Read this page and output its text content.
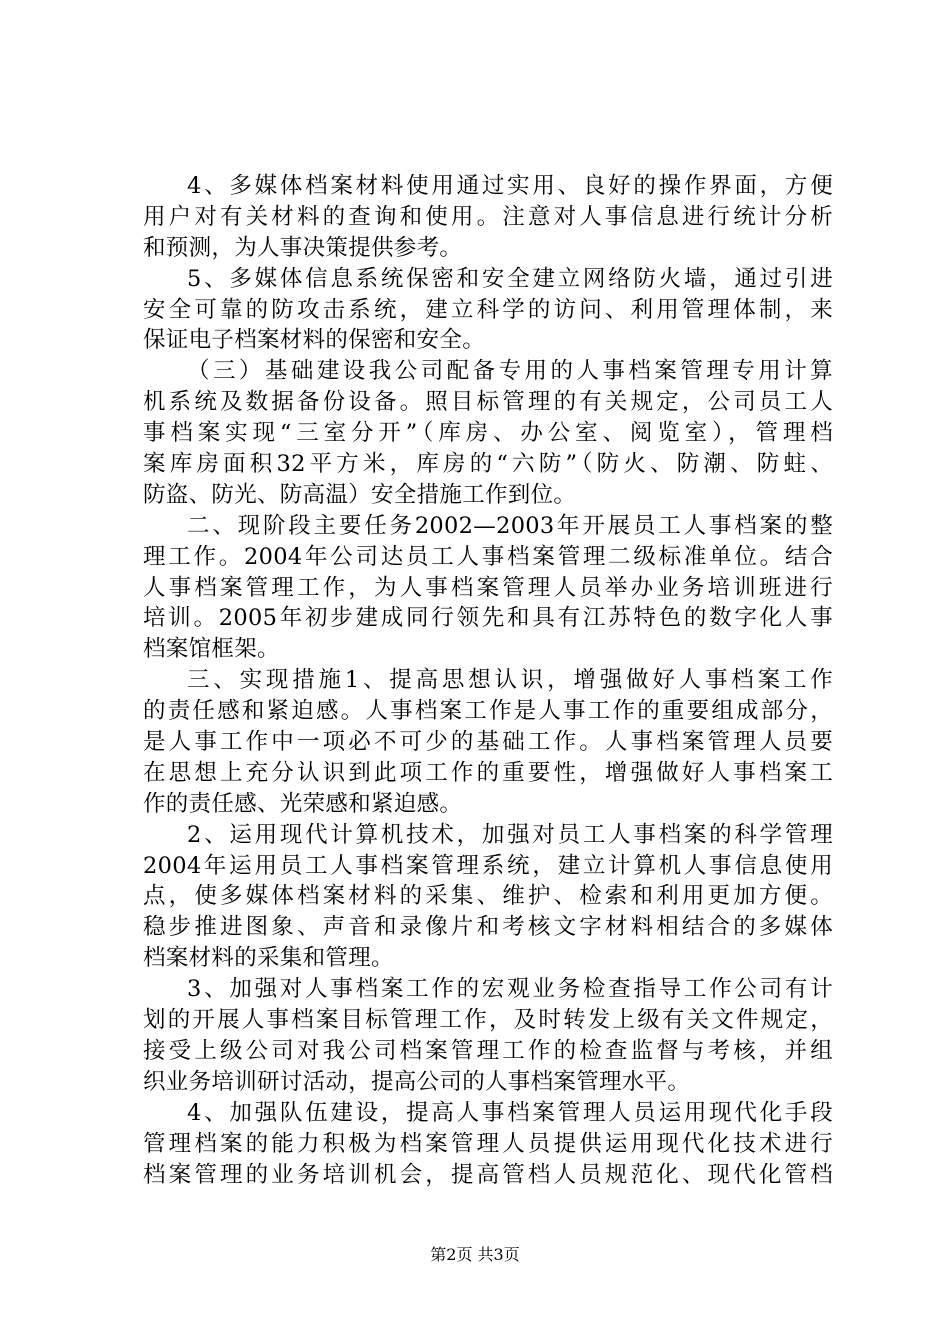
4、多媒体档案材料使用通过实用、良好的操作界面，方便
用户对有关材料的查询和使用。注意对人事信息进行统计分析
和预测，为人事决策提供参考。
5、多媒体信息系统保密和安全建立网络防火墙，通过引进
安全可靠的防攻击系统，建立科学的访问、利用管理体制，来
保证电子档案材料的保密和安全。
（三）基础建设我公司配备专用的人事档案管理专用计算
机系统及数据备份设备。照目标管理的有关规定，公司员工人
事档案实现“三室分开”（库房、办公室、阅览室），管理档
案库房面积32平方米，库房的“六防”（防火、防潮、防蛀、
防盗、防光、防高温）安全措施工作到位。
二、现阶段主要任务2002—2003年开展员工人事档案的整
理工作。2004年公司达员工人事档案管理二级标准单位。结合
人事档案管理工作，为人事档案管理人员举办业务培训班进行
培训。2005年初步建成同行领先和具有江苏特色的数字化人事
档案馆框架。
三、实现措施1、提高思想认识，增强做好人事档案工作
的责任感和紧迫感。人事档案工作是人事工作的重要组成部分，
是人事工作中一项必不可少的基础工作。人事档案管理人员要
在思想上充分认识到此项工作的重要性，增强做好人事档案工
作的责任感、光荣感和紧迫感。
2、运用现代计算机技术，加强对员工人事档案的科学管理
2004年运用员工人事档案管理系统，建立计算机人事信息使用
点，使多媒体档案材料的采集、维护、检索和利用更加方便。
稳步推进图象、声音和录像片和考核文字材料相结合的多媒体
档案材料的采集和管理。
3、加强对人事档案工作的宏观业务检查指导工作公司有计
划的开展人事档案目标管理工作，及时转发上级有关文件规定，
接受上级公司对我公司档案管理工作的检查监督与考核，并组
织业务培训研讨活动，提高公司的人事档案管理水平。
4、加强队伍建设，提高人事档案管理人员运用现代化手段
管理档案的能力积极为档案管理人员提供运用现代化技术进行
档案管理的业务培训机会，提高管档人员规范化、现代化管档
第2页 共3页
